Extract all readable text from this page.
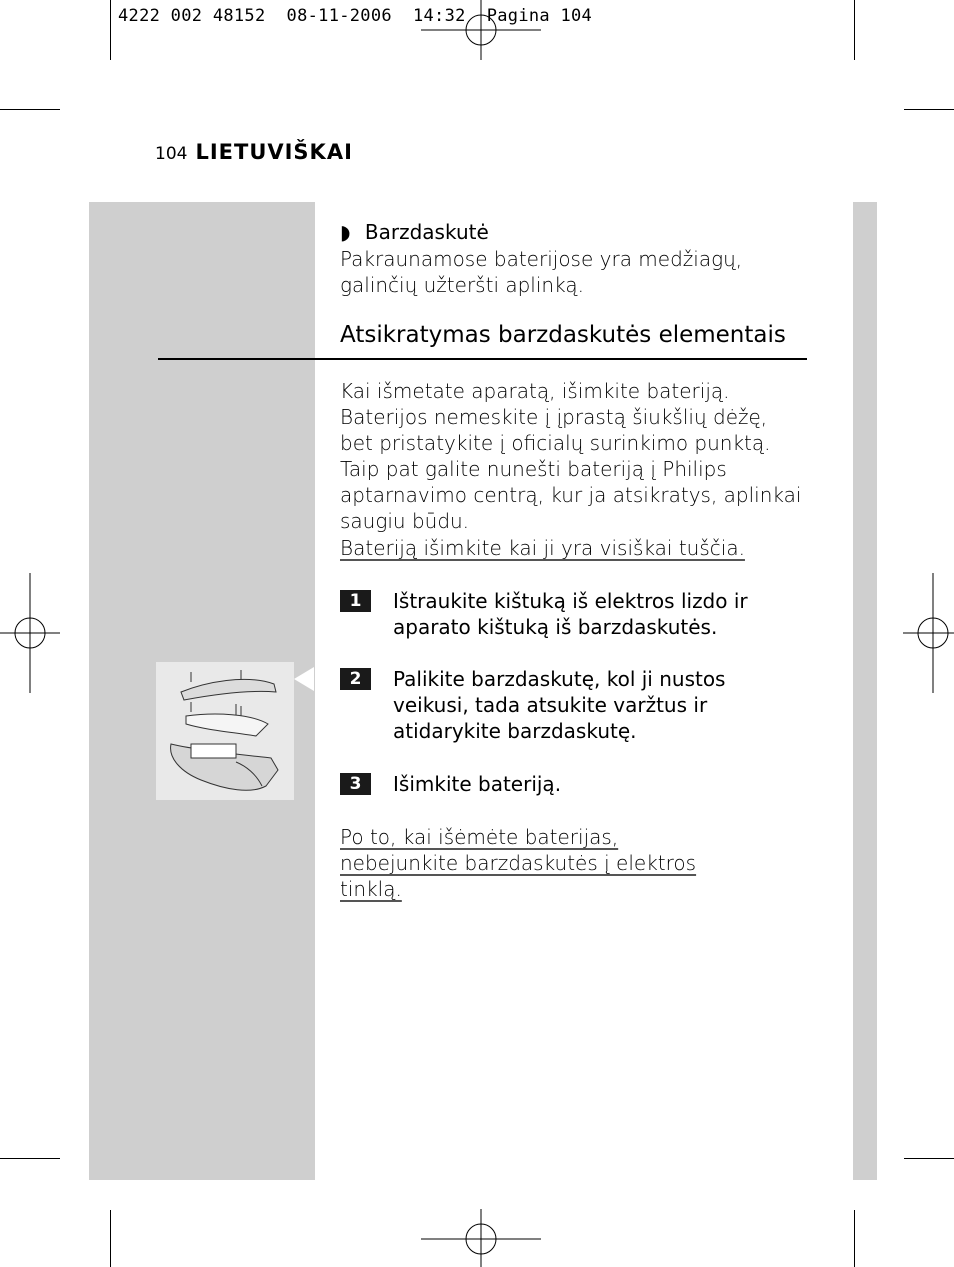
4222 002 48152  08-11-2006  14:32  Pagina 104
104 LIETUVIŠKAI
◗ Barzdaskutė
Pakraunamose baterijose yra medžiagų, galinčių užteršti aplinką.
Atsikratymas barzdaskutės elementais
Kai išmetate aparatą, išimkite bateriją. Baterijos nemeskite į įprastą šiukšlių dėžę, bet pristatykite į oficialų surinkimo punktą. Taip pat galite nunešti bateriją į Philips aptarnavimo centrą, kur ja atsikratys, aplinkai saugiu būdu.
Bateriją išimkite kai ji yra visiškai tuščia.
1	Ištraukite kištuką iš elektros lizdo ir aparato kištuką iš barzdaskutės.
2	Palikite barzdaskutę, kol ji nustos veikusi, tada atsukite varžtus ir atidarykite barzdaskutę.
3	Išimkite bateriją.
Po to, kai išėmėte baterijas, nebejunkite barzdaskutės į elektros tinklą.
